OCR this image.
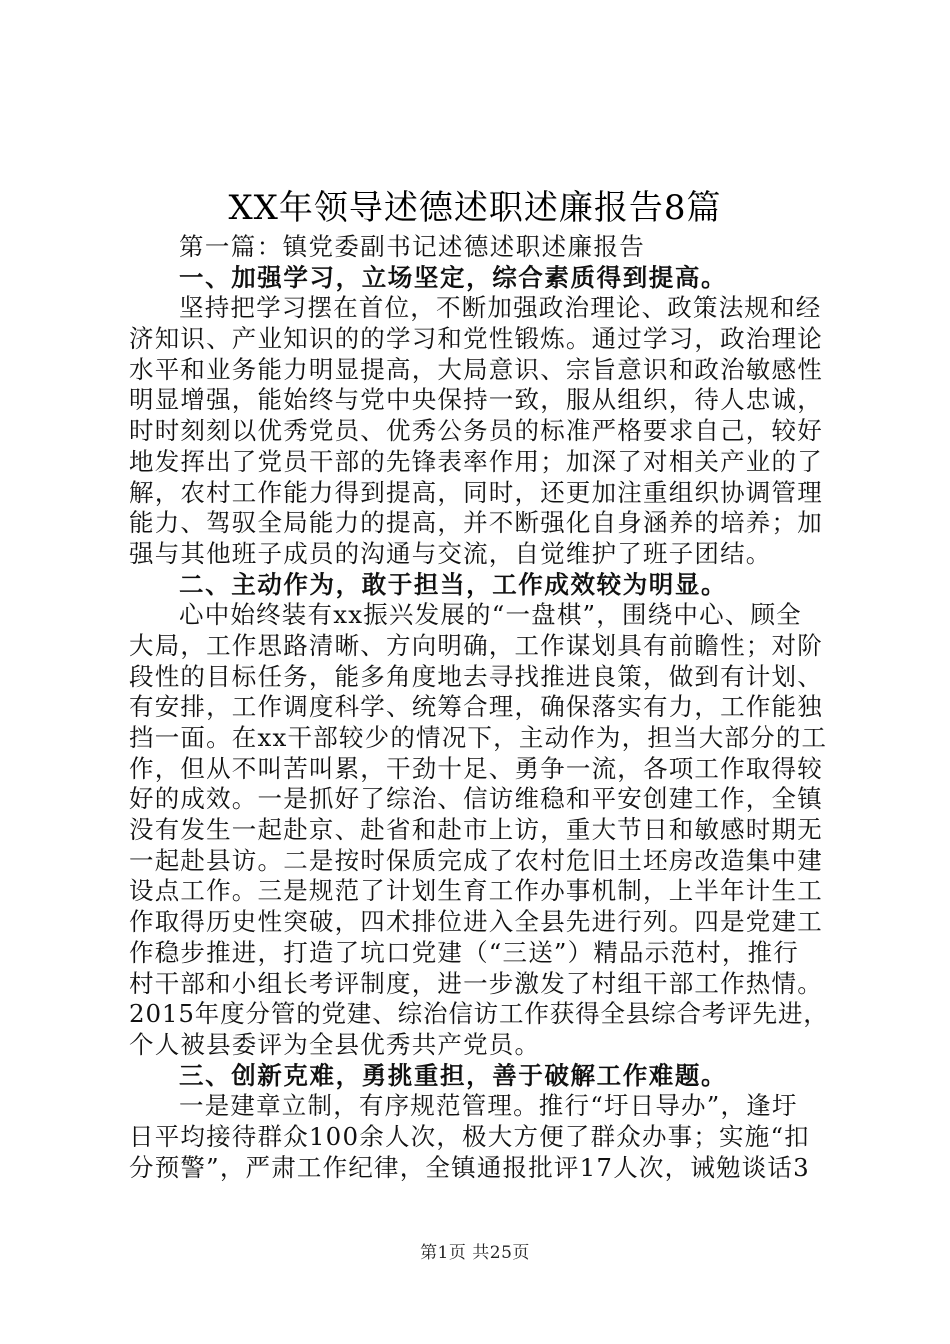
XX年领导述德述职述廉报告8篇
第一篇：镇党委副书记述德述职述廉报告
一、加强学习，立场坚定，综合素质得到提高。
坚持把学习摆在首位，不断加强政治理论、政策法规和经
济知识、产业知识的的学习和党性锻炼。通过学习，政治理论
水平和业务能力明显提高，大局意识、宗旨意识和政治敏感性
明显增强，能始终与党中央保持一致，服从组织，待人忠诚，
时时刻刻以优秀党员、优秀公务员的标准严格要求自己，较好
地发挥出了党员干部的先锋表率作用；加深了对相关产业的了
解，农村工作能力得到提高，同时，还更加注重组织协调管理
能力、驾驭全局能力的提高，并不断强化自身涵养的培养；加
强与其他班子成员的沟通与交流，自觉维护了班子团结。
二、主动作为，敢于担当，工作成效较为明显。
心中始终装有xx振兴发展的“一盘棋”，围绕中心、顾全
大局，工作思路清晰、方向明确，工作谋划具有前瞻性；对阶
段性的目标任务，能多角度地去寻找推进良策，做到有计划、
有安排，工作调度科学、统筹合理，确保落实有力，工作能独
挡一面。在xx干部较少的情况下，主动作为，担当大部分的工
作，但从不叫苦叫累，干劲十足、勇争一流，各项工作取得较
好的成效。一是抓好了综治、信访维稳和平安创建工作，全镇
没有发生一起赴京、赴省和赴市上访，重大节日和敏感时期无
一起赴县访。二是按时保质完成了农村危旧土坯房改造集中建
设点工作。三是规范了计划生育工作办事机制，上半年计生工
作取得历史性突破，四术排位进入全县先进行列。四是党建工
作稳步推进，打造了坑口党建（“三送”）精品示范村，推行
村干部和小组长考评制度，进一步激发了村组干部工作热情。
2015年度分管的党建、综治信访工作获得全县综合考评先进，
个人被县委评为全县优秀共产党员。
三、创新克难，勇挑重担，善于破解工作难题。
一是建章立制，有序规范管理。推行“圩日导办”，逢圩
日平均接待群众100余人次，极大方便了群众办事；实施“扣
分预警”，严肃工作纪律，全镇通报批评17人次，诫勉谈话3
第1页 共25页
